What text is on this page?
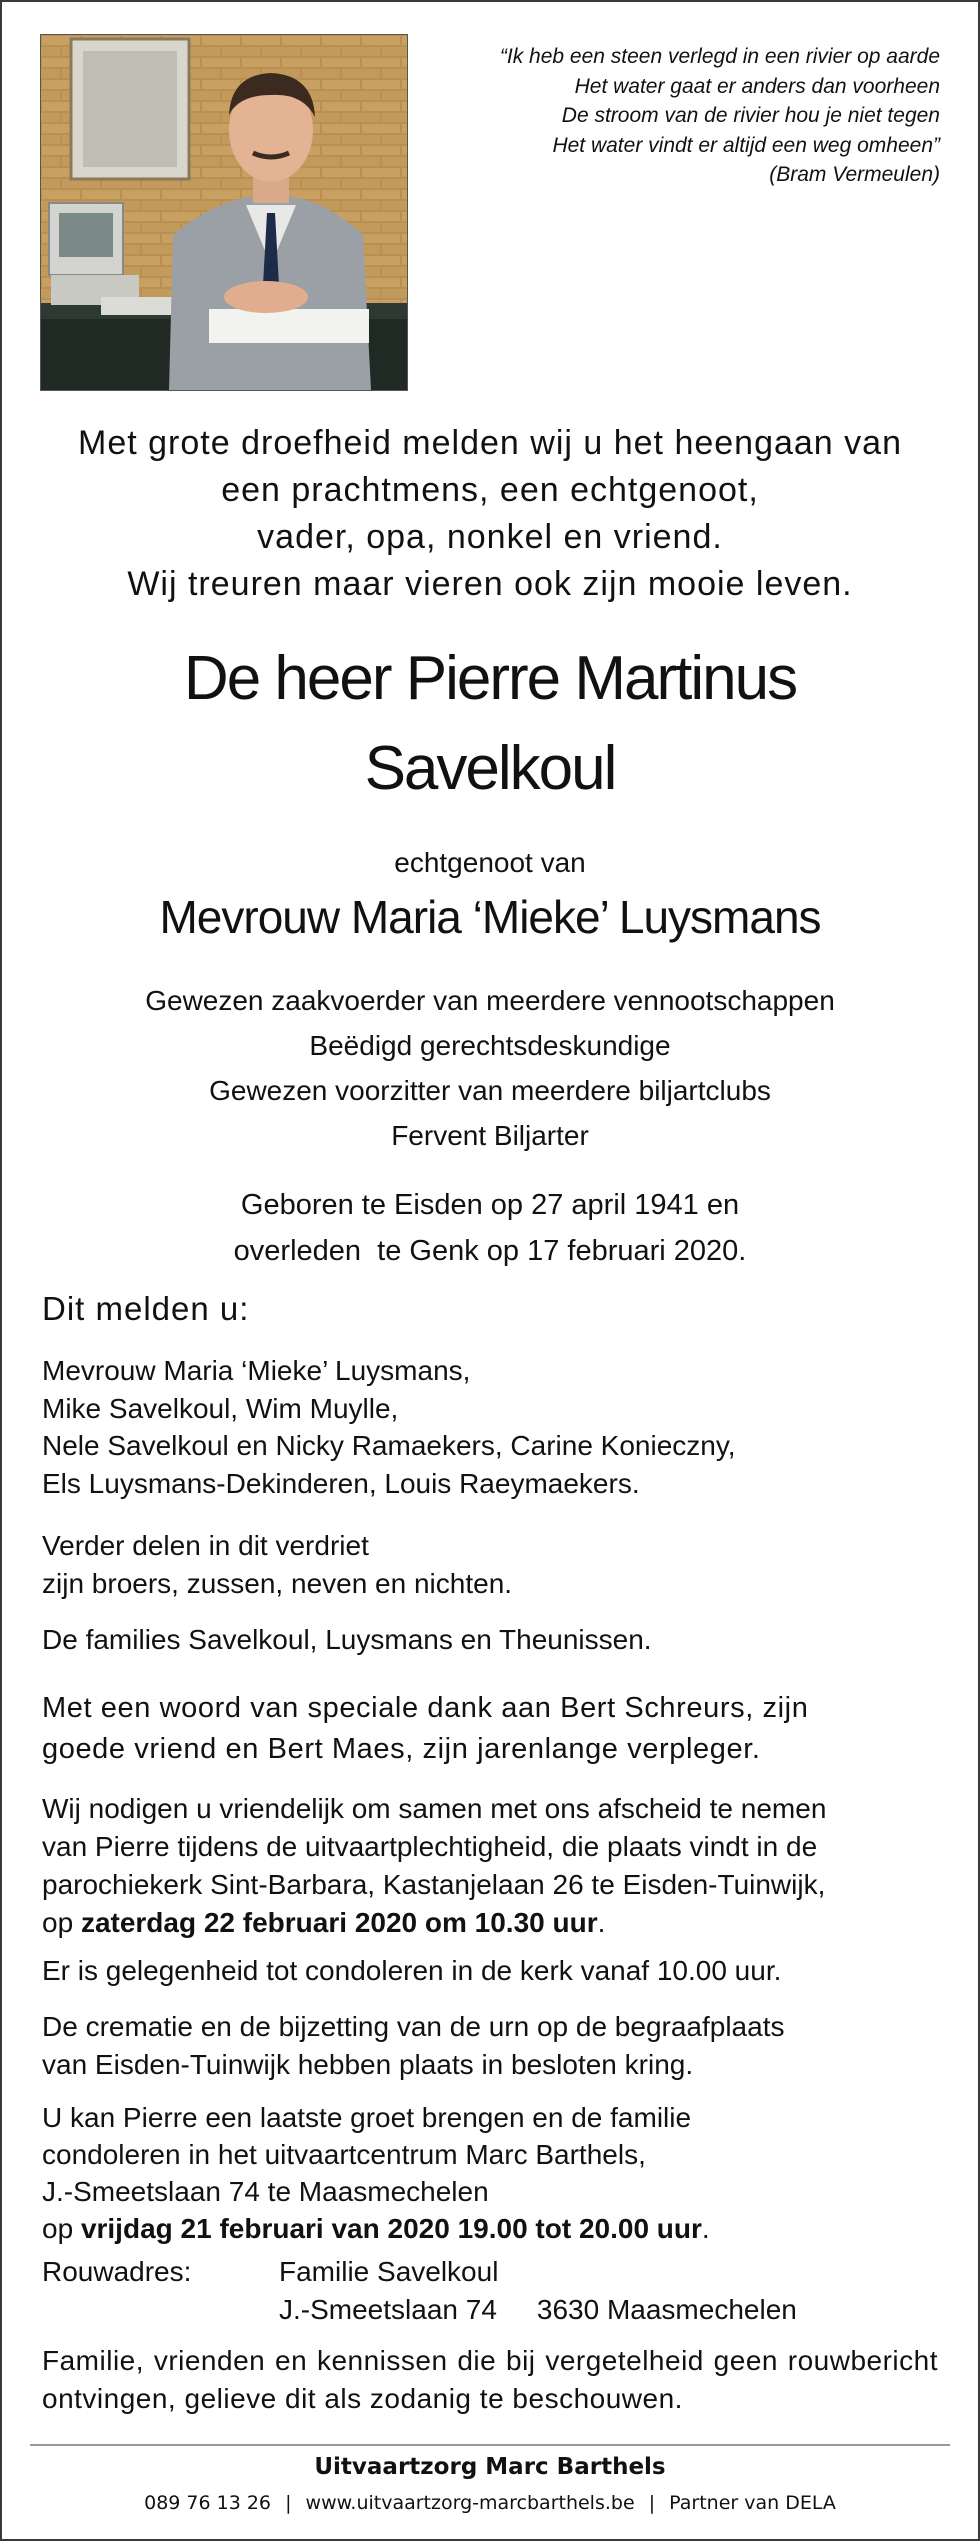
“Ik heb een steen verlegd in een rivier op aarde
Het water gaat er anders dan voorheen
De stroom van de rivier hou je niet tegen
Het water vindt er altijd een weg omheen”
(Bram Vermeulen)
Met grote droefheid melden wij u het heengaan van
een prachtmens, een echtgenoot,
vader, opa, nonkel en vriend.
Wij treuren maar vieren ook zijn mooie leven.
De heer Pierre Martinus
Savelkoul
echtgenoot van
Mevrouw Maria ‘Mieke’ Luysmans
Gewezen zaakvoerder van meerdere vennootschappen
Beëdigd gerechtsdeskundige
Gewezen voorzitter van meerdere biljartclubs
Fervent Biljarter
Geboren te Eisden op 27 april 1941 en
overleden  te Genk op 17 februari 2020.
Dit melden u:
Mevrouw Maria ‘Mieke’ Luysmans,
Mike Savelkoul, Wim Muylle,
Nele Savelkoul en Nicky Ramaekers, Carine Konieczny,
Els Luysmans-Dekinderen, Louis Raeymaekers.
Verder delen in dit verdriet
zijn broers, zussen, neven en nichten.
De families Savelkoul, Luysmans en Theunissen.
Met een woord van speciale dank aan Bert Schreurs, zijn
goede vriend en Bert Maes, zijn jarenlange verpleger.
Wij nodigen u vriendelijk om samen met ons afscheid te nemen
van Pierre tijdens de uitvaartplechtigheid, die plaats vindt in de
parochiekerk Sint-Barbara, Kastanjelaan 26 te Eisden-Tuinwijk,
op zaterdag 22 februari 2020 om 10.30 uur.
Er is gelegenheid tot condoleren in de kerk vanaf 10.00 uur.
De crematie en de bijzetting van de urn op de begraafplaats
van Eisden-Tuinwijk hebben plaats in besloten kring.
U kan Pierre een laatste groet brengen en de familie
condoleren in het uitvaartcentrum Marc Barthels,
J.-Smeetslaan 74 te Maasmechelen
op vrijdag 21 februari van 2020 19.00 tot 20.00 uur.
Rouwadres:	Familie Savelkoul
J.-Smeetslaan 74 3630 Maasmechelen
Familie, vrienden en kennissen die bij vergetelheid geen rouwbericht ontvingen, gelieve dit als zodanig te beschouwen.
Uitvaartzorg Marc Barthels
089 76 13 26 | www.uitvaartzorg-marcbarthels.be | Partner van DELA
